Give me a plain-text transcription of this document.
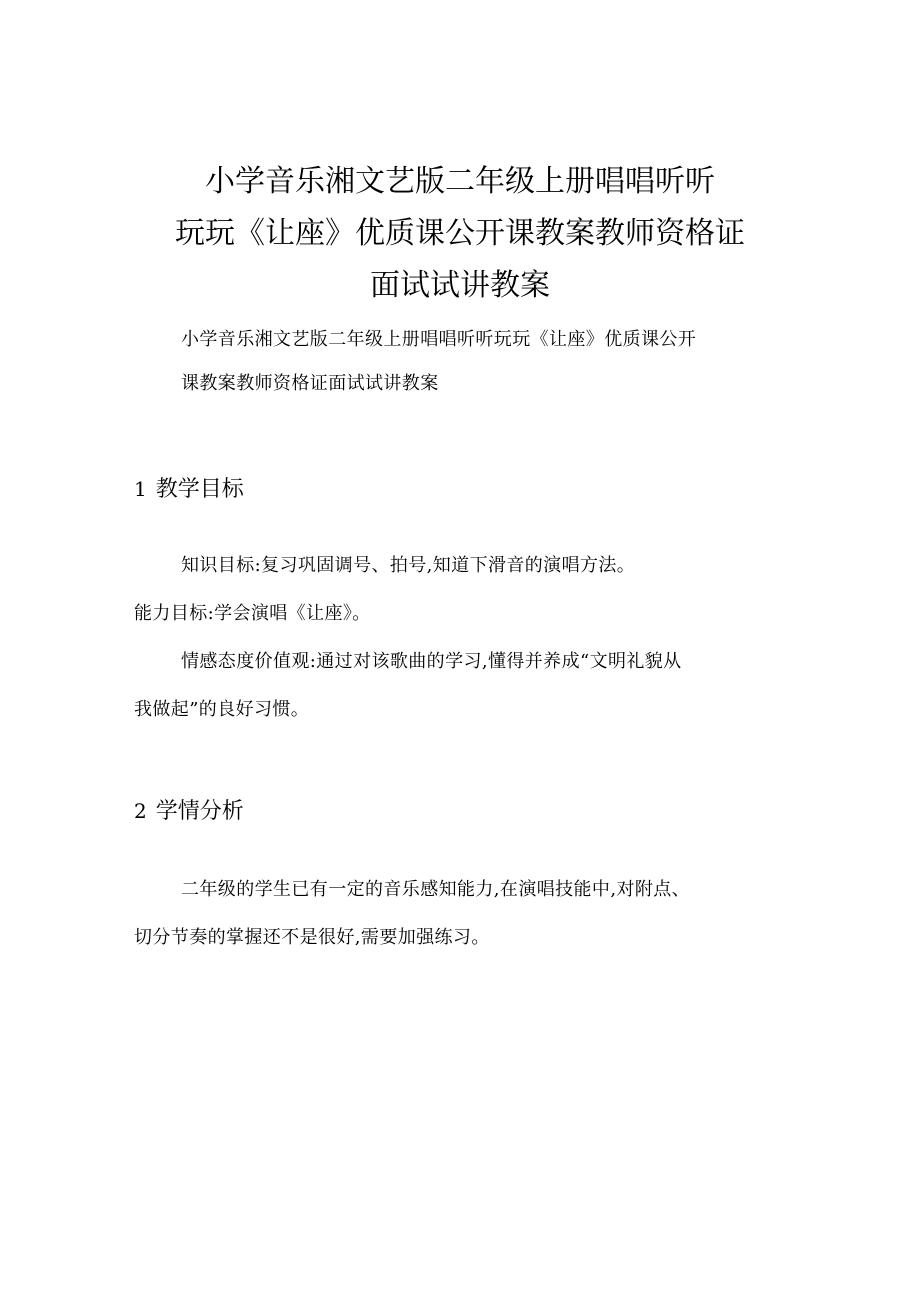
小学音乐湘文艺版二年级上册唱唱听听
玩玩《让座》优质课公开课教案教师资格证
面试试讲教案
小学音乐湘文艺版二年级上册唱唱听听玩玩《让座》优质课公开
课教案教师资格证面试试讲教案
1 教学目标
知识目标:复习巩固调号、拍号,知道下滑音的演唱方法。
能力目标:学会演唱《让座》。
情感态度价值观:通过对该歌曲的学习,懂得并养成“文明礼貌从
我做起”的良好习惯。
2 学情分析
二年级的学生已有一定的音乐感知能力,在演唱技能中,对附点、
切分节奏的掌握还不是很好,需要加强练习。
